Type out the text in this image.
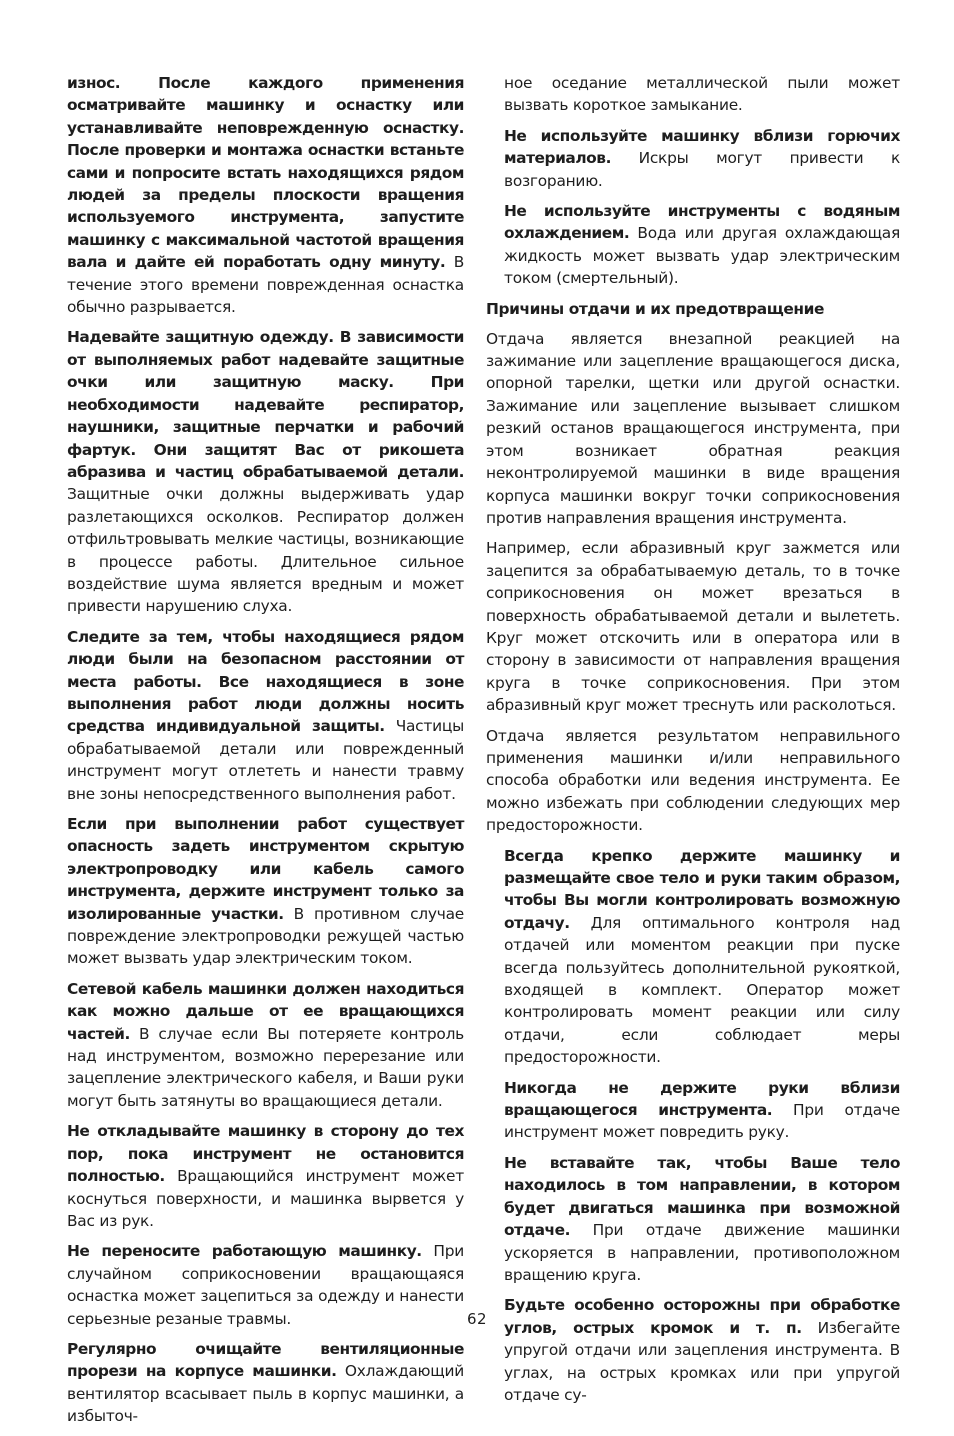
износ. После каждого применения осматривайте машинку и оснастку или устанавливайте неповрежденную оснастку. После проверки и монтажа оснастки встаньте сами и попросите встать находящихся рядом людей за пределы плоскости вращения используемого инструмента, запустите машинку с максимальной частотой вращения вала и дайте ей поработать одну минуту. В течение этого времени поврежденная оснастка обычно разрывается.

Надевайте защитную одежду. В зависимости от выполняемых работ надевайте защитные очки или защитную маску. При необходимости надевайте респиратор, наушники, защитные перчатки и рабочий фартук. Они защитят Вас от рикошета абразива и частиц обрабатываемой детали. Защитные очки должны выдерживать удар разлетающихся осколков. Респиратор должен отфильтровывать мелкие частицы, возникающие в процессе работы. Длительное сильное воздействие шума является вредным и может привести нарушению слуха.

Следите за тем, чтобы находящиеся рядом люди были на безопасном расстоянии от места работы. Все находящиеся в зоне выполнения работ люди должны носить средства индивидуальной защиты. Частицы обрабатываемой детали или поврежденный инструмент могут отлететь и нанести травму вне зоны непосредственного выполнения работ.

Если при выполнении работ существует опасность задеть инструментом скрытую электропроводку или кабель самого инструмента, держите инструмент только за изолированные участки. В противном случае повреждение электропроводки режущей частью может вызвать удар электрическим током.

Сетевой кабель машинки должен находиться как можно дальше от ее вращающихся частей. В случае если Вы потеряете контроль над инструментом, возможно перерезание или зацепление электрического кабеля, и Ваши руки могут быть затянуты во вращающиеся детали.

Не откладывайте машинку в сторону до тех пор, пока инструмент не остановится полностью. Вращающийся инструмент может коснуться поверхности, и машинка вырвется у Вас из рук.

Не переносите работающую машинку. При случайном соприкосновении вращающаяся оснастка может зацепиться за одежду и нанести серьезные резаные травмы.

Регулярно очищайте вентиляционные прорези на корпусе машинки. Охлаждающий вентилятор всасывает пыль в корпус машинки, а избыточ-

ное оседание металлической пыли может вызвать короткое замыкание.

Не используйте машинку вблизи горючих материалов. Искры могут привести к возгоранию.

Не используйте инструменты с водяным охлаждением. Вода или другая охлаждающая жидкость может вызвать удар электрическим током (смертельный).

Причины отдачи и их предотвращение

Отдача является внезапной реакцией на зажимание или зацепление вращающегося диска, опорной тарелки, щетки или другой оснастки. Зажимание или зацепление вызывает слишком резкий останов вращающегося инструмента, при этом возникает обратная реакция неконтролируемой машинки в виде вращения корпуса машинки вокруг точки соприкосновения против направления вращения инструмента.

Например, если абразивный круг зажмется или зацепится за обрабатываемую деталь, то в точке соприкосновения он может врезаться в поверхность обрабатываемой детали и вылететь. Круг может отскочить или в оператора или в сторону в зависимости от направления вращения круга в точке соприкосновения. При этом абразивный круг может треснуть или расколоться.

Отдача является результатом неправильного применения машинки и/или неправильного способа обработки или ведения инструмента. Ее можно избежать при соблюдении следующих мер предосторожности.

Всегда крепко держите машинку и размещайте свое тело и руки таким образом, чтобы Вы могли контролировать возможную отдачу. Для оптимального контроля над отдачей или моментом реакции при пуске всегда пользуйтесь дополнительной рукояткой, входящей в комплект. Оператор может контролировать момент реакции или силу отдачи, если соблюдает меры предосторожности.

Никогда не держите руки вблизи вращающегося инструмента. При отдаче инструмент может повредить руку.

Не вставайте так, чтобы Ваше тело находилось в том направлении, в котором будет двигаться машинка при возможной отдаче. При отдаче движение машинки ускоряется в направлении, противоположном вращению круга.

Будьте особенно осторожны при обработке углов, острых кромок и т. п. Избегайте упругой отдачи или зацепления инструмента. В углах, на острых кромках или при упругой отдаче су-

62
